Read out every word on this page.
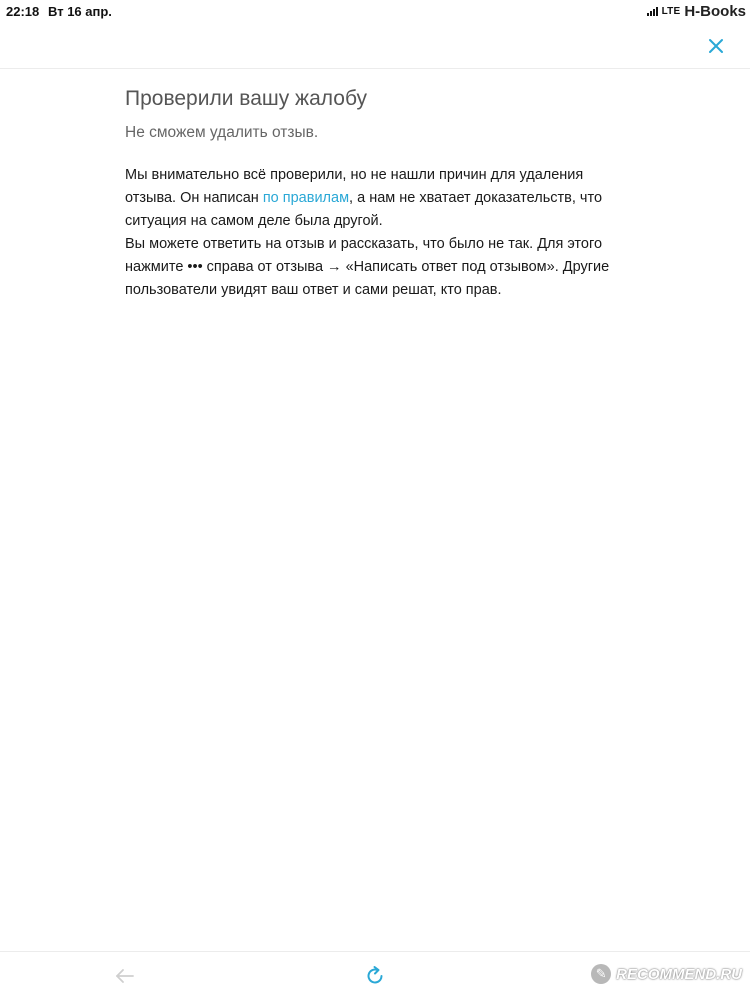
22:18 Вт 16 апр.	LTE H-Books
Проверили вашу жалобу

Не сможем удалить отзыв.

Мы внимательно всё проверили, но не нашли причин для удаления отзыва. Он написан по правилам, а нам не хватает доказательств, что ситуация на самом деле была другой.

Вы можете ответить на отзыв и рассказать, что было не так. Для этого нажмите ••• справа от отзыва → «Написать ответ под отзывом». Другие пользователи увидят ваш ответ и сами решат, кто прав.

✎ RECOMMEND.RU
